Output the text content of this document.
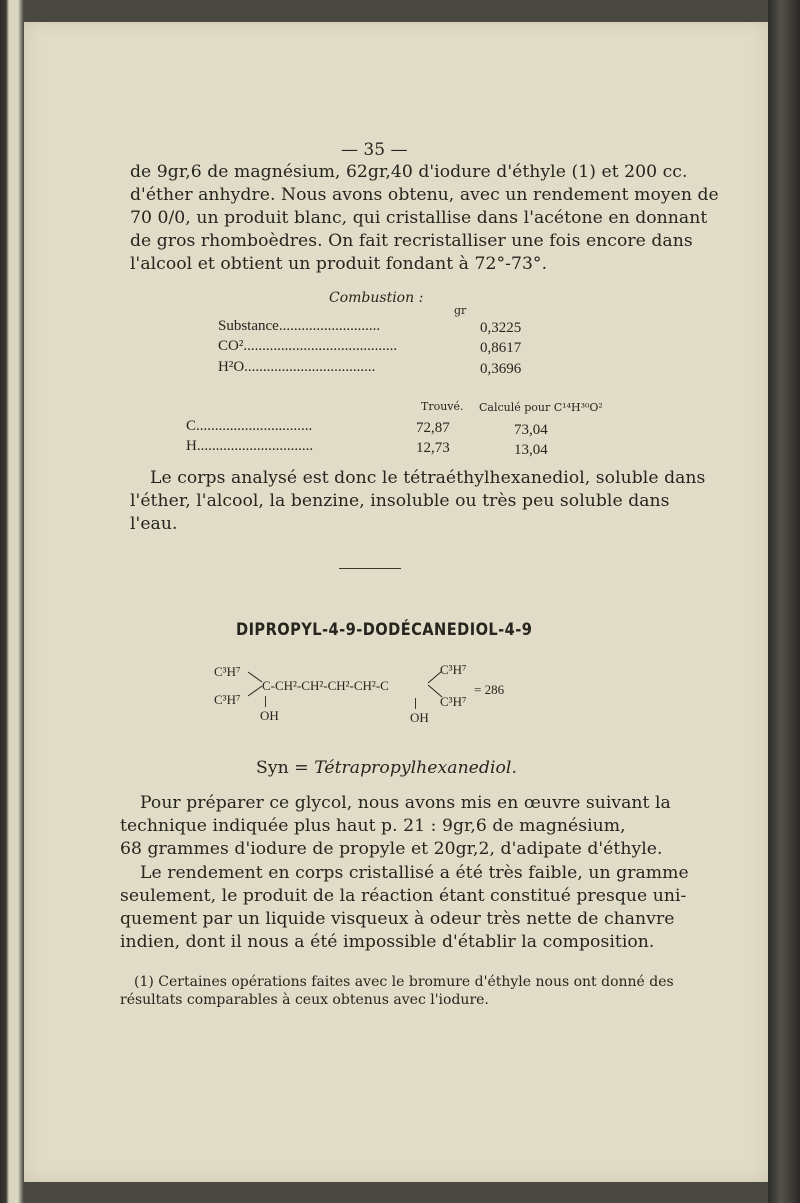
— 35 —
de 9gr,6 de magnésium, 62gr,40 d'iodure d'éthyle (1) et 200 cc.
d'éther anhydre. Nous avons obtenu, avec un rendement moyen de
70 0/0, un produit blanc, qui cristallise dans l'acétone en donnant
de gros rhomboèdres. On fait recristalliser une fois encore dans
l'alcool et obtient un produit fondant à 72°-73°.
Combustion :
gr
Substance...........................	0,3225
CO².........................................	0,8617
H²O...................................	0,3696
Trouvé. Calculé pour C¹⁴H³⁰O²
C...............................	72,87	73,04
H...............................	12,73	13,04
Le corps analysé est donc le tétraéthylhexanediol, soluble dans
l'éther, l'alcool, la benzine, insoluble ou très peu soluble dans
l'eau.
DIPROPYL-4-9-DODÉCANEDIOL-4-9
C³H⁷
C³H⁷
C-CH²-CH²-CH²-CH²-C
C³H⁷
C³H⁷
= 286
OH	OH
Syn = Tétrapropylhexanediol.
Pour préparer ce glycol, nous avons mis en œuvre suivant la
technique indiquée plus haut p. 21 : 9gr,6 de magnésium,
68 grammes d'iodure de propyle et 20gr,2, d'adipate d'éthyle.
Le rendement en corps cristallisé a été très faible, un gramme
seulement, le produit de la réaction étant constitué presque uni-
quement par un liquide visqueux à odeur très nette de chanvre
indien, dont il nous a été impossible d'établir la composition.
(1) Certaines opérations faites avec le bromure d'éthyle nous ont donné des
résultats comparables à ceux obtenus avec l'iodure.
